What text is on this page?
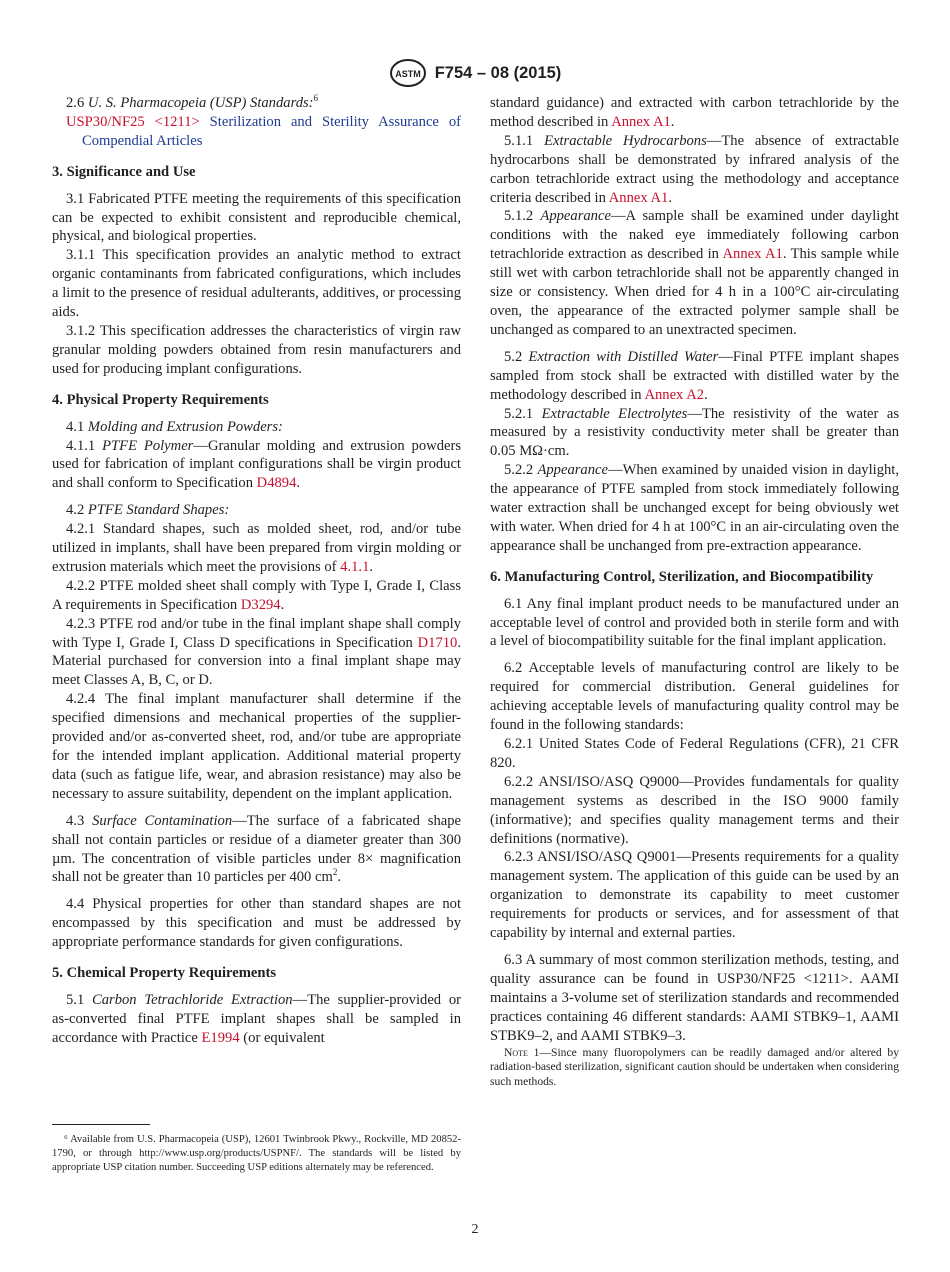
ASTM F754 – 08 (2015)

2.6 U. S. Pharmacopeia (USP) Standards:$^6$

USP30/NF25 <1211> Sterilization and Sterility Assurance of Compendial Articles

3. Significance and Use

3.1 Fabricated PTFE meeting the requirements of this specification can be expected to exhibit consistent and reproducible chemical, physical, and biological properties.

3.1.1 This specification provides an analytic method to extract organic contaminants from fabricated configurations, which includes a limit to the presence of residual adulterants, additives, or processing aids.

3.1.2 This specification addresses the characteristics of virgin raw granular molding powders obtained from resin manufacturers and used for producing implant configurations.

4. Physical Property Requirements

4.1 Molding and Extrusion Powders:

4.1.1 PTFE Polymer—Granular molding and extrusion powders used for fabrication of implant configurations shall be virgin product and shall conform to Specification D4894.

4.2 PTFE Standard Shapes:

4.2.1 Standard shapes, such as molded sheet, rod, and/or tube utilized in implants, shall have been prepared from virgin molding or extrusion materials which meet the provisions of 4.1.1.

4.2.2 PTFE molded sheet shall comply with Type I, Grade I, Class A requirements in Specification D3294.

4.2.3 PTFE rod and/or tube in the final implant shape shall comply with Type I, Grade I, Class D specifications in Specification D1710. Material purchased for conversion into a final implant shape may meet Classes A, B, C, or D.

4.2.4 The final implant manufacturer shall determine if the specified dimensions and mechanical properties of the supplier-provided and/or as-converted sheet, rod, and/or tube are appropriate for the intended implant application. Additional material property data (such as fatigue life, wear, and abrasion resistance) may also be necessary to assure suitability, dependent on the implant application.

4.3 Surface Contamination—The surface of a fabricated shape shall not contain particles or residue of a diameter greater than 300 µm. The concentration of visible particles under 8× magnification shall not be greater than 10 particles per 400 $cm^2$.

4.4 Physical properties for other than standard shapes are not encompassed by this specification and must be addressed by appropriate performance standards for given configurations.

5. Chemical Property Requirements

5.1 Carbon Tetrachloride Extraction—The supplier-provided or as-converted final PTFE implant shapes shall be sampled in accordance with Practice E1994 (or equivalent

⁶ Available from U.S. Pharmacopeia (USP), 12601 Twinbrook Pkwy., Rockville, MD 20852-1790, or through http://www.usp.org/products/USPNF/. The standards will be listed by appropriate USP citation number. Succeeding USP editions alternately may be referenced.

standard guidance) and extracted with carbon tetrachloride by the method described in Annex A1.

5.1.1 Extractable Hydrocarbons—The absence of extractable hydrocarbons shall be demonstrated by infrared analysis of the carbon tetrachloride extract using the methodology and acceptance criteria described in Annex A1.

5.1.2 Appearance—A sample shall be examined under daylight conditions with the naked eye immediately following carbon tetrachloride extraction as described in Annex A1. This sample while still wet with carbon tetrachloride shall not be apparently changed in size or consistency. When dried for 4 h in a 100°C air-circulating oven, the appearance of the extracted polymer sample shall be unchanged as compared to an unextracted specimen.

5.2 Extraction with Distilled Water—Final PTFE implant shapes sampled from stock shall be extracted with distilled water by the methodology described in Annex A2.

5.2.1 Extractable Electrolytes—The resistivity of the water as measured by a resistivity conductivity meter shall be greater than 0.05 MΩ·cm.

5.2.2 Appearance—When examined by unaided vision in daylight, the appearance of PTFE sampled from stock immediately following water extraction shall be unchanged except for being obviously wet with water. When dried for 4 h at 100°C in an air-circulating oven the appearance shall be unchanged from pre-extraction appearance.

6. Manufacturing Control, Sterilization, and Biocompatibility

6.1 Any final implant product needs to be manufactured under an acceptable level of control and provided both in sterile form and with a level of biocompatibility suitable for the final implant application.

6.2 Acceptable levels of manufacturing control are likely to be required for commercial distribution. General guidelines for achieving acceptable levels of manufacturing quality control may be found in the following standards:

6.2.1 United States Code of Federal Regulations (CFR), 21 CFR 820.

6.2.2 ANSI/ISO/ASQ Q9000—Provides fundamentals for quality management systems as described in the ISO 9000 family (informative); and specifies quality management terms and their definitions (normative).

6.2.3 ANSI/ISO/ASQ Q9001—Presents requirements for a quality management system. The application of this guide can be used by an organization to demonstrate its capability to meet customer requirements for products or services, and for assessment of that capability by internal and external parties.

6.3 A summary of most common sterilization methods, testing, and quality assurance can be found in USP30/NF25 <1211>. AAMI maintains a 3-volume set of sterilization standards and recommended practices containing 46 different standards: AAMI STBK9–1, AAMI STBK9–2, and AAMI STBK9–3.

Note 1—Since many fluoropolymers can be readily damaged and/or altered by radiation-based sterilization, significant caution should be undertaken when considering such methods.

2
